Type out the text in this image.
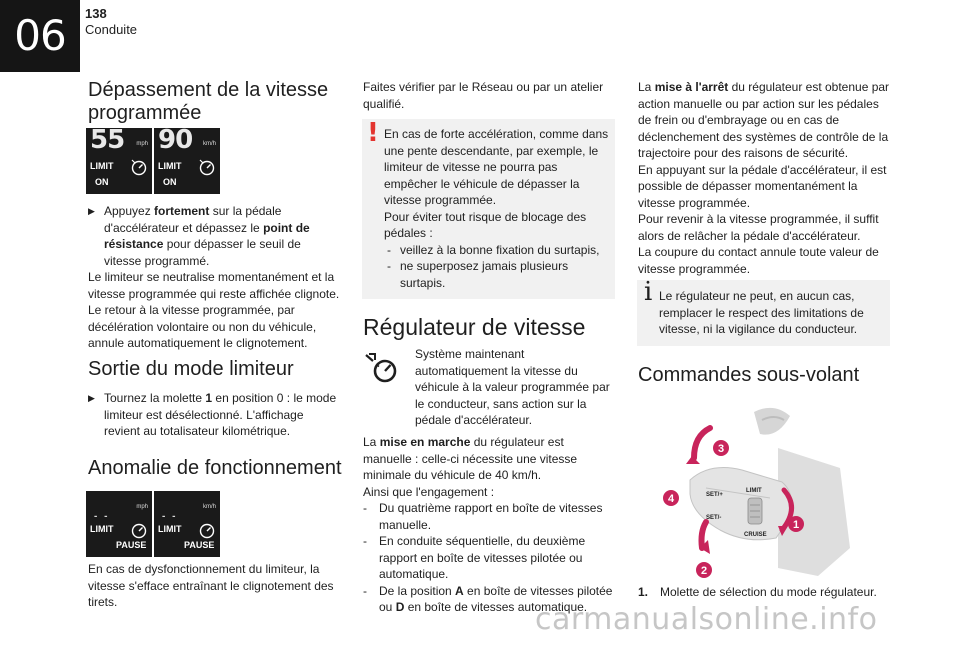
06 138
Conduite
Dépassement de la vitesse programmée
55 mph
LIMIT
ON
90 km/h
LIMIT
ON

▶ Appuyez fortement sur la pédale d'accélérateur et dépassez le point de résistance pour dépasser le seuil de vitesse programmé.

Le limiteur se neutralise momentanément et la vitesse programmée qui reste affichée clignote.

Le retour à la vitesse programmée, par décélération volontaire ou non du véhicule, annule automatiquement le clignotement.

Sortie du mode limiteur

▶ Tournez la molette 1 en position 0 : le mode limiteur est désélectionné. L'affichage revient au totalisateur kilométrique.

Anomalie de fonctionnement
- -
mph
LIMIT
PAUSE
- -
km/h
LIMIT
PAUSE

En cas de dysfonctionnement du limiteur, la vitesse s'efface entraînant le clignotement des tirets.

Faites vérifier par le Réseau ou par un atelier qualifié.

! En cas de forte accélération, comme dans une pente descendante, par exemple, le limiteur de vitesse ne pourra pas empêcher le véhicule de dépasser la vitesse programmée.

Pour éviter tout risque de blocage des pédales :

- veillez à la bonne fixation du surtapis,

- ne superposez jamais plusieurs surtapis.

Régulateur de vitesse

Système maintenant automatiquement la vitesse du véhicule à la valeur programmée par le conducteur, sans action sur la pédale d'accélérateur.

La mise en marche du régulateur est manuelle : celle-ci nécessite une vitesse minimale du véhicule de 40 km/h.

Ainsi que l'engagement :

- Du quatrième rapport en boîte de vitesses manuelle.

- En conduite séquentielle, du deuxième rapport en boîte de vitesses pilotée ou automatique.

- De la position A en boîte de vitesses pilotée ou D en boîte de vitesses automatique.

La mise à l'arrêt du régulateur est obtenue par action manuelle ou par action sur les pédales de frein ou d'embrayage ou en cas de déclenchement des systèmes de contrôle de la trajectoire pour des raisons de sécurité.

En appuyant sur la pédale d'accélérateur, il est possible de dépasser momentanément la vitesse programmée.

Pour revenir à la vitesse programmée, il suffit alors de relâcher la pédale d'accélérateur.

La coupure du contact annule toute valeur de vitesse programmée.

i Le régulateur ne peut, en aucun cas, remplacer le respect des limitations de vitesse, ni la vigilance du conducteur.

Commandes sous-volant
SET/+
SET/-
LIMIT
CRUISE
3
4
1
2
1. Molette de sélection du mode régulateur.
carmanualsonline.info
